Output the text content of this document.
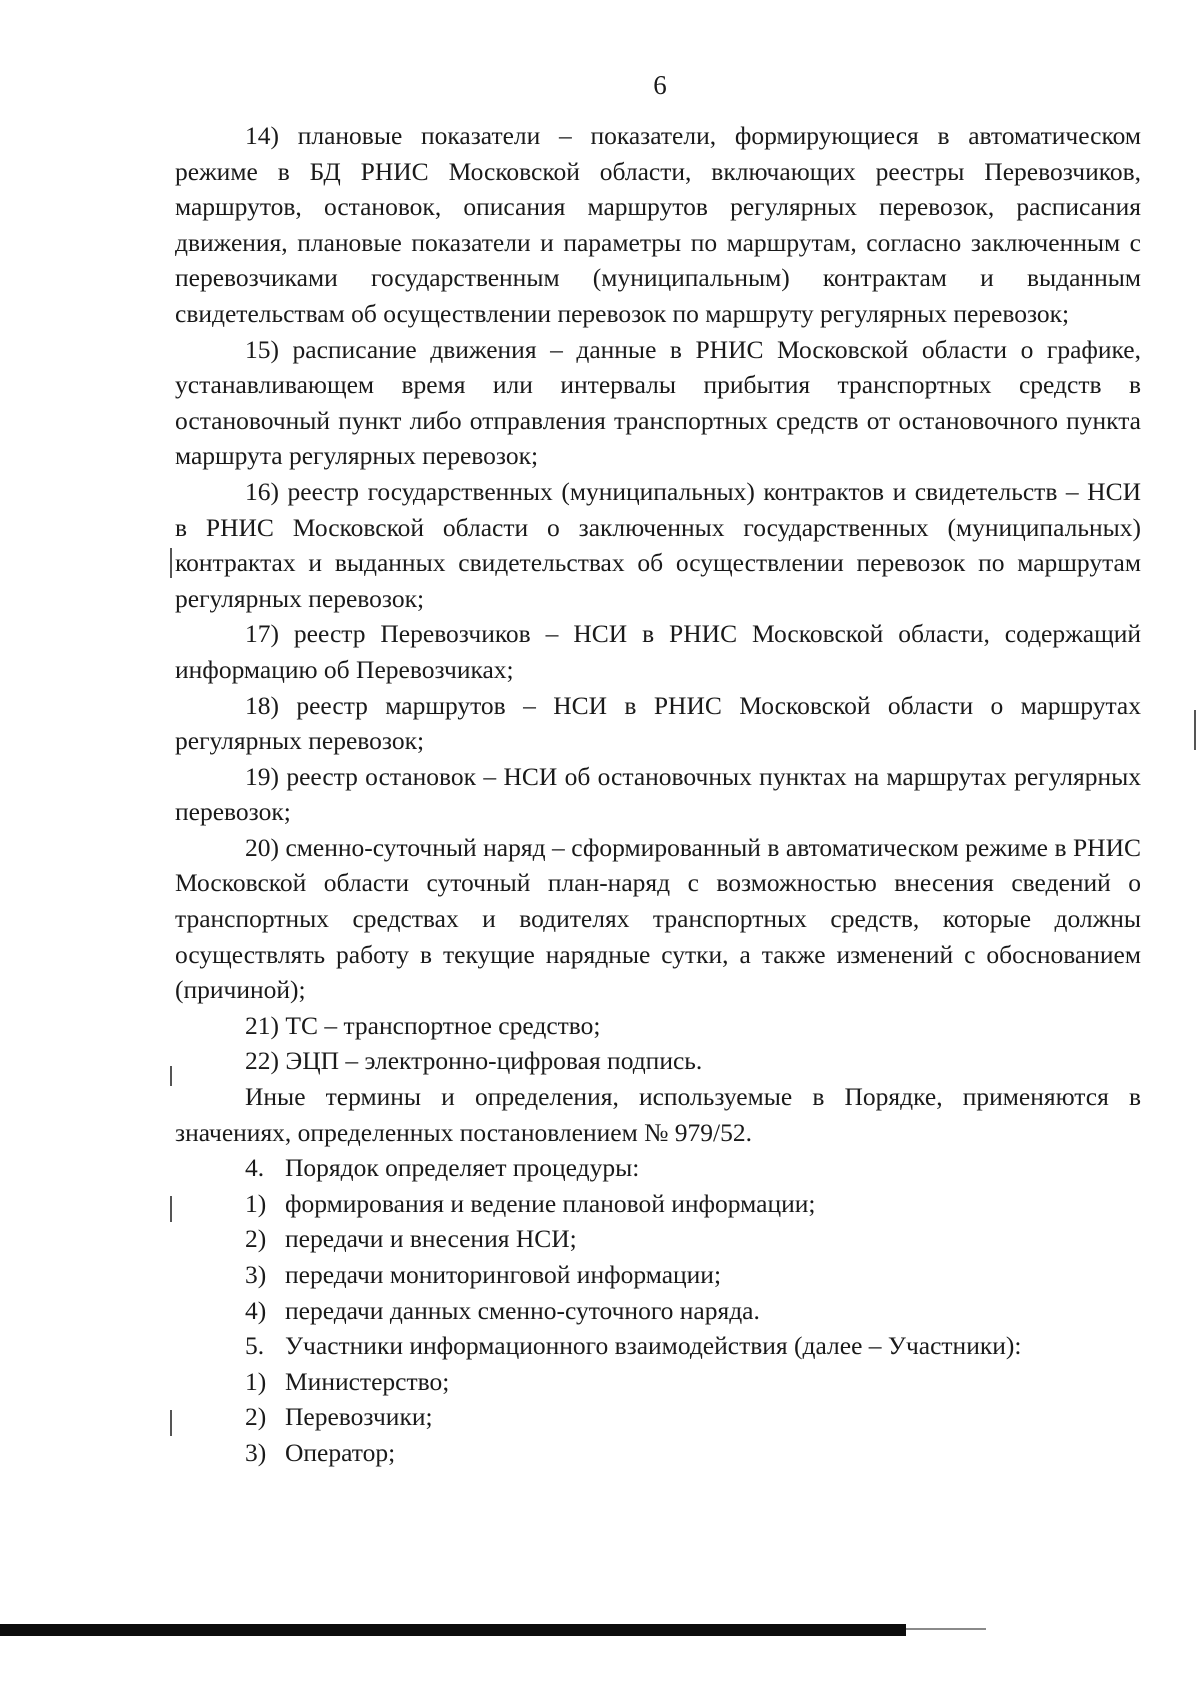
6

14) плановые показатели – показатели, формирующиеся в автоматическом режиме в БД РНИС Московской области, включающих реестры Перевозчиков, маршрутов, остановок, описания маршрутов регулярных перевозок, расписания движения, плановые показатели и параметры по маршрутам, согласно заключенным с перевозчиками государственным (муниципальным) контрактам и выданным свидетельствам об осуществлении перевозок по маршруту регулярных перевозок;

15) расписание движения – данные в РНИС Московской области о графике, устанавливающем время или интервалы прибытия транспортных средств в остановочный пункт либо отправления транспортных средств от остановочного пункта маршрута регулярных перевозок;

16) реестр государственных (муниципальных) контрактов и свидетельств – НСИ в РНИС Московской области о заключенных государственных (муниципальных) контрактах и выданных свидетельствах об осуществлении перевозок по маршрутам регулярных перевозок;

17) реестр Перевозчиков – НСИ в РНИС Московской области, содержащий информацию об Перевозчиках;

18) реестр маршрутов – НСИ в РНИС Московской области о маршрутах регулярных перевозок;

19) реестр остановок – НСИ об остановочных пунктах на маршрутах регулярных перевозок;

20) сменно-суточный наряд – сформированный в автоматическом режиме в РНИС Московской области суточный план-наряд с возможностью внесения сведений о транспортных средствах и водителях транспортных средств, которые должны осуществлять работу в текущие нарядные сутки, а также изменений с обоснованием (причиной);

21) ТС – транспортное средство;

22) ЭЦП – электронно-цифровая подпись.

Иные термины и определения, используемые в Порядке, применяются в значениях, определенных постановлением № 979/52.

4. Порядок определяет процедуры:
1) формирования и ведение плановой информации;
2) передачи и внесения НСИ;
3) передачи мониторинговой информации;
4) передачи данных сменно-суточного наряда.
5. Участники информационного взаимодействия (далее – Участники):
1) Министерство;
2) Перевозчики;
3) Оператор;
